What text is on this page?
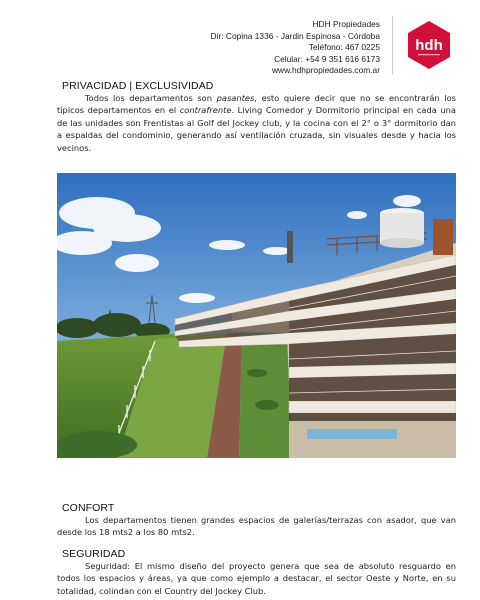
HDH Propiedades
Dir: Copina 1336 - Jardin Espinosa - Córdoba
Teléfono: 467 0225
Celular: +54 9 351 616 6173
www.hdhpropiedades.com.ar
hdh
PRIVACIDAD | EXCLUSIVIDAD
Todos los departamentos son pasantes, esto quiere decir que no se encontrarán los típicos departamentos en el contrafrente. Living Comedor y Dormitorio principal en cada una de las unidades son Frentistas al Golf del Jockey club, y la cocina con el 2° o 3° dormitorio dan a espaldas del condominio, generando así ventilación cruzada, sin visuales desde y hacia los vecinos.
CONFORT
Los departamentos tienen grandes espacios de galerías/terrazas con asador, que van desde los 18 mts2 a los 80 mts2.
SEGURIDAD
Seguridad: El mismo diseño del proyecto genera que sea de absoluto resguardo en todos los espacios y áreas, ya que como ejemplo a destacar, el sector Oeste y Norte, en su totalidad, colindan con el Country del Jockey Club.
